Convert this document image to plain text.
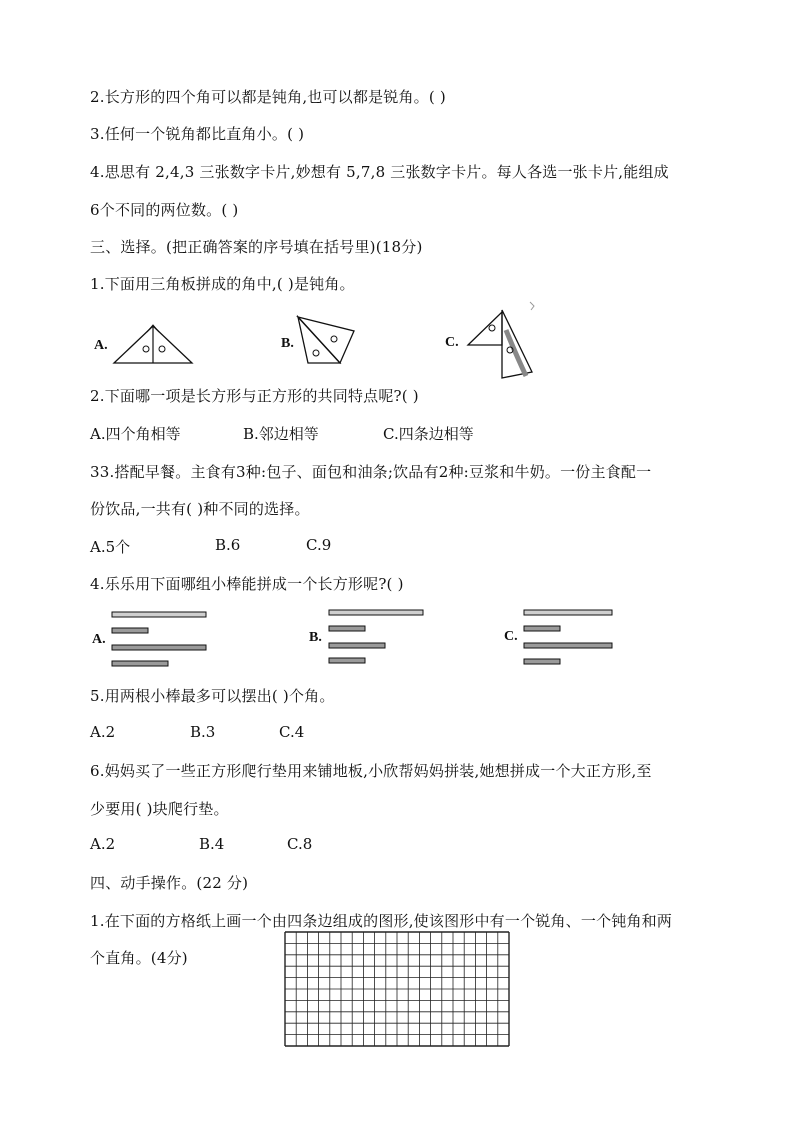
2.长方形的四个角可以都是钝角,也可以都是锐角。( )
3.任何一个锐角都比直角小。( )
4.思思有 2,4,3 三张数字卡片,妙想有 5,7,8 三张数字卡片。每人各选一张卡片,能组成
6个不同的两位数。( )
三、选择。(把正确答案的序号填在括号里)(18分)
1.下面用三角板拼成的角中,( )是钝角。
A.	B.	C.
2.下面哪一项是长方形与正方形的共同特点呢?( )
A.四个角相等	B.邻边相等	C.四条边相等
33.搭配早餐。主食有3种:包子、面包和油条;饮品有2种:豆浆和牛奶。一份主食配一
份饮品,一共有( )种不同的选择。
A.5个	B.6	C.9
4.乐乐用下面哪组小棒能拼成一个长方形呢?( )
A.	B.	C.
5.用两根小棒最多可以摆出( )个角。
A.2	B.3	C.4
6.妈妈买了一些正方形爬行垫用来铺地板,小欣帮妈妈拼装,她想拼成一个大正方形,至
少要用( )块爬行垫。
A.2	B.4	C.8
四、动手操作。(22 分)
1.在下面的方格纸上画一个由四条边组成的图形,使该图形中有一个锐角、一个钝角和两
个直角。(4分)
